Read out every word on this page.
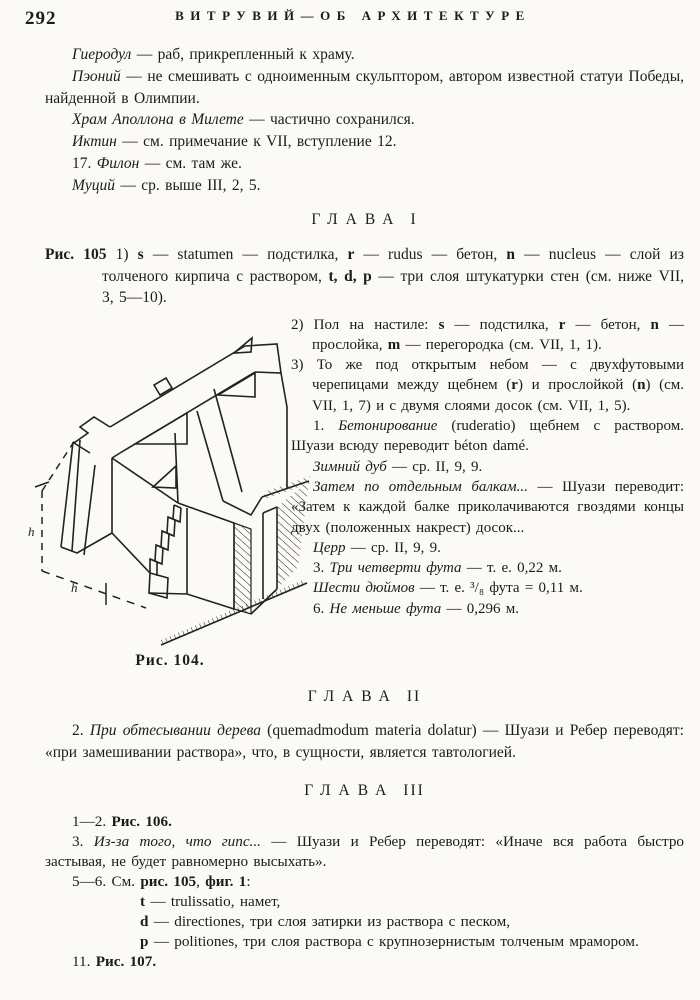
292	ВИТРУВИЙ—ОБ АРХИТЕКТУРЕ

Гиеродул — раб, прикрепленный к храму.

Пэоний — не смешивать с одноименным скульптором, автором известной статуи Победы, найденной в Олимпии.

Храм Аполлона в Милете — частично сохранился.

Иктин — см. примечание к VII, вступление 12.

17. Филон — см. там же.

Муций — ср. выше III, 2, 5.

ГЛАВА I

Рис. 105 1) s — statumen — подстилка, r — rudus — бетон, n — nucleus — слой из толченого кирпича с раствором, t, d, p — три слоя штукатурки стен (см. ниже VII, 3, 5—10).

h
h
Рис. 104.

2) Пол на настиле: s — подстилка, r — бетон, n — прослойка, m — перегородка (см. VII, 1, 1).

3) То же под открытым небом — с двухфутовыми черепицами между щебнем (r) и прослойкой (n) (см. VII, 1, 7) и с двумя слоями досок (см. VII, 1, 5).

1. Бетонирование (ruderatio) щебнем с раствором. Шуази всюду переводит béton damé.

Зимний дуб — ср. II, 9, 9.

Затем по отдельным балкам... — Шуази переводит: «Затем к каждой балке приколачиваются гвоздями концы двух (положенных накрест) досок...

Церр — ср. II, 9, 9.

3. Три четверти фута — т. е. 0,22 м.

Шести дюймов — т. е. ³/₈ фута = 0,11 м.

6. Не меньше фута — 0,296 м.

ГЛАВА II

2. При обтесывании дерева (quemadmodum materia dolatur) — Шуази и Ребер переводят: «при замешивании раствора», что, в сущности, является тавтологией.

ГЛАВА III

1—2. Рис. 106.

3. Из-за того, что гипс... — Шуази и Ребер переводят: «Иначе вся работа быстро застывая, не будет равномерно высыхать».

5—6. См. рис. 105, фиг. 1:

t — trulissatio, намет,

d — directiones, три слоя затирки из раствора с песком,

p — politiones, три слоя раствора с крупнозернистым толченым мрамором.

11. Рис. 107.
